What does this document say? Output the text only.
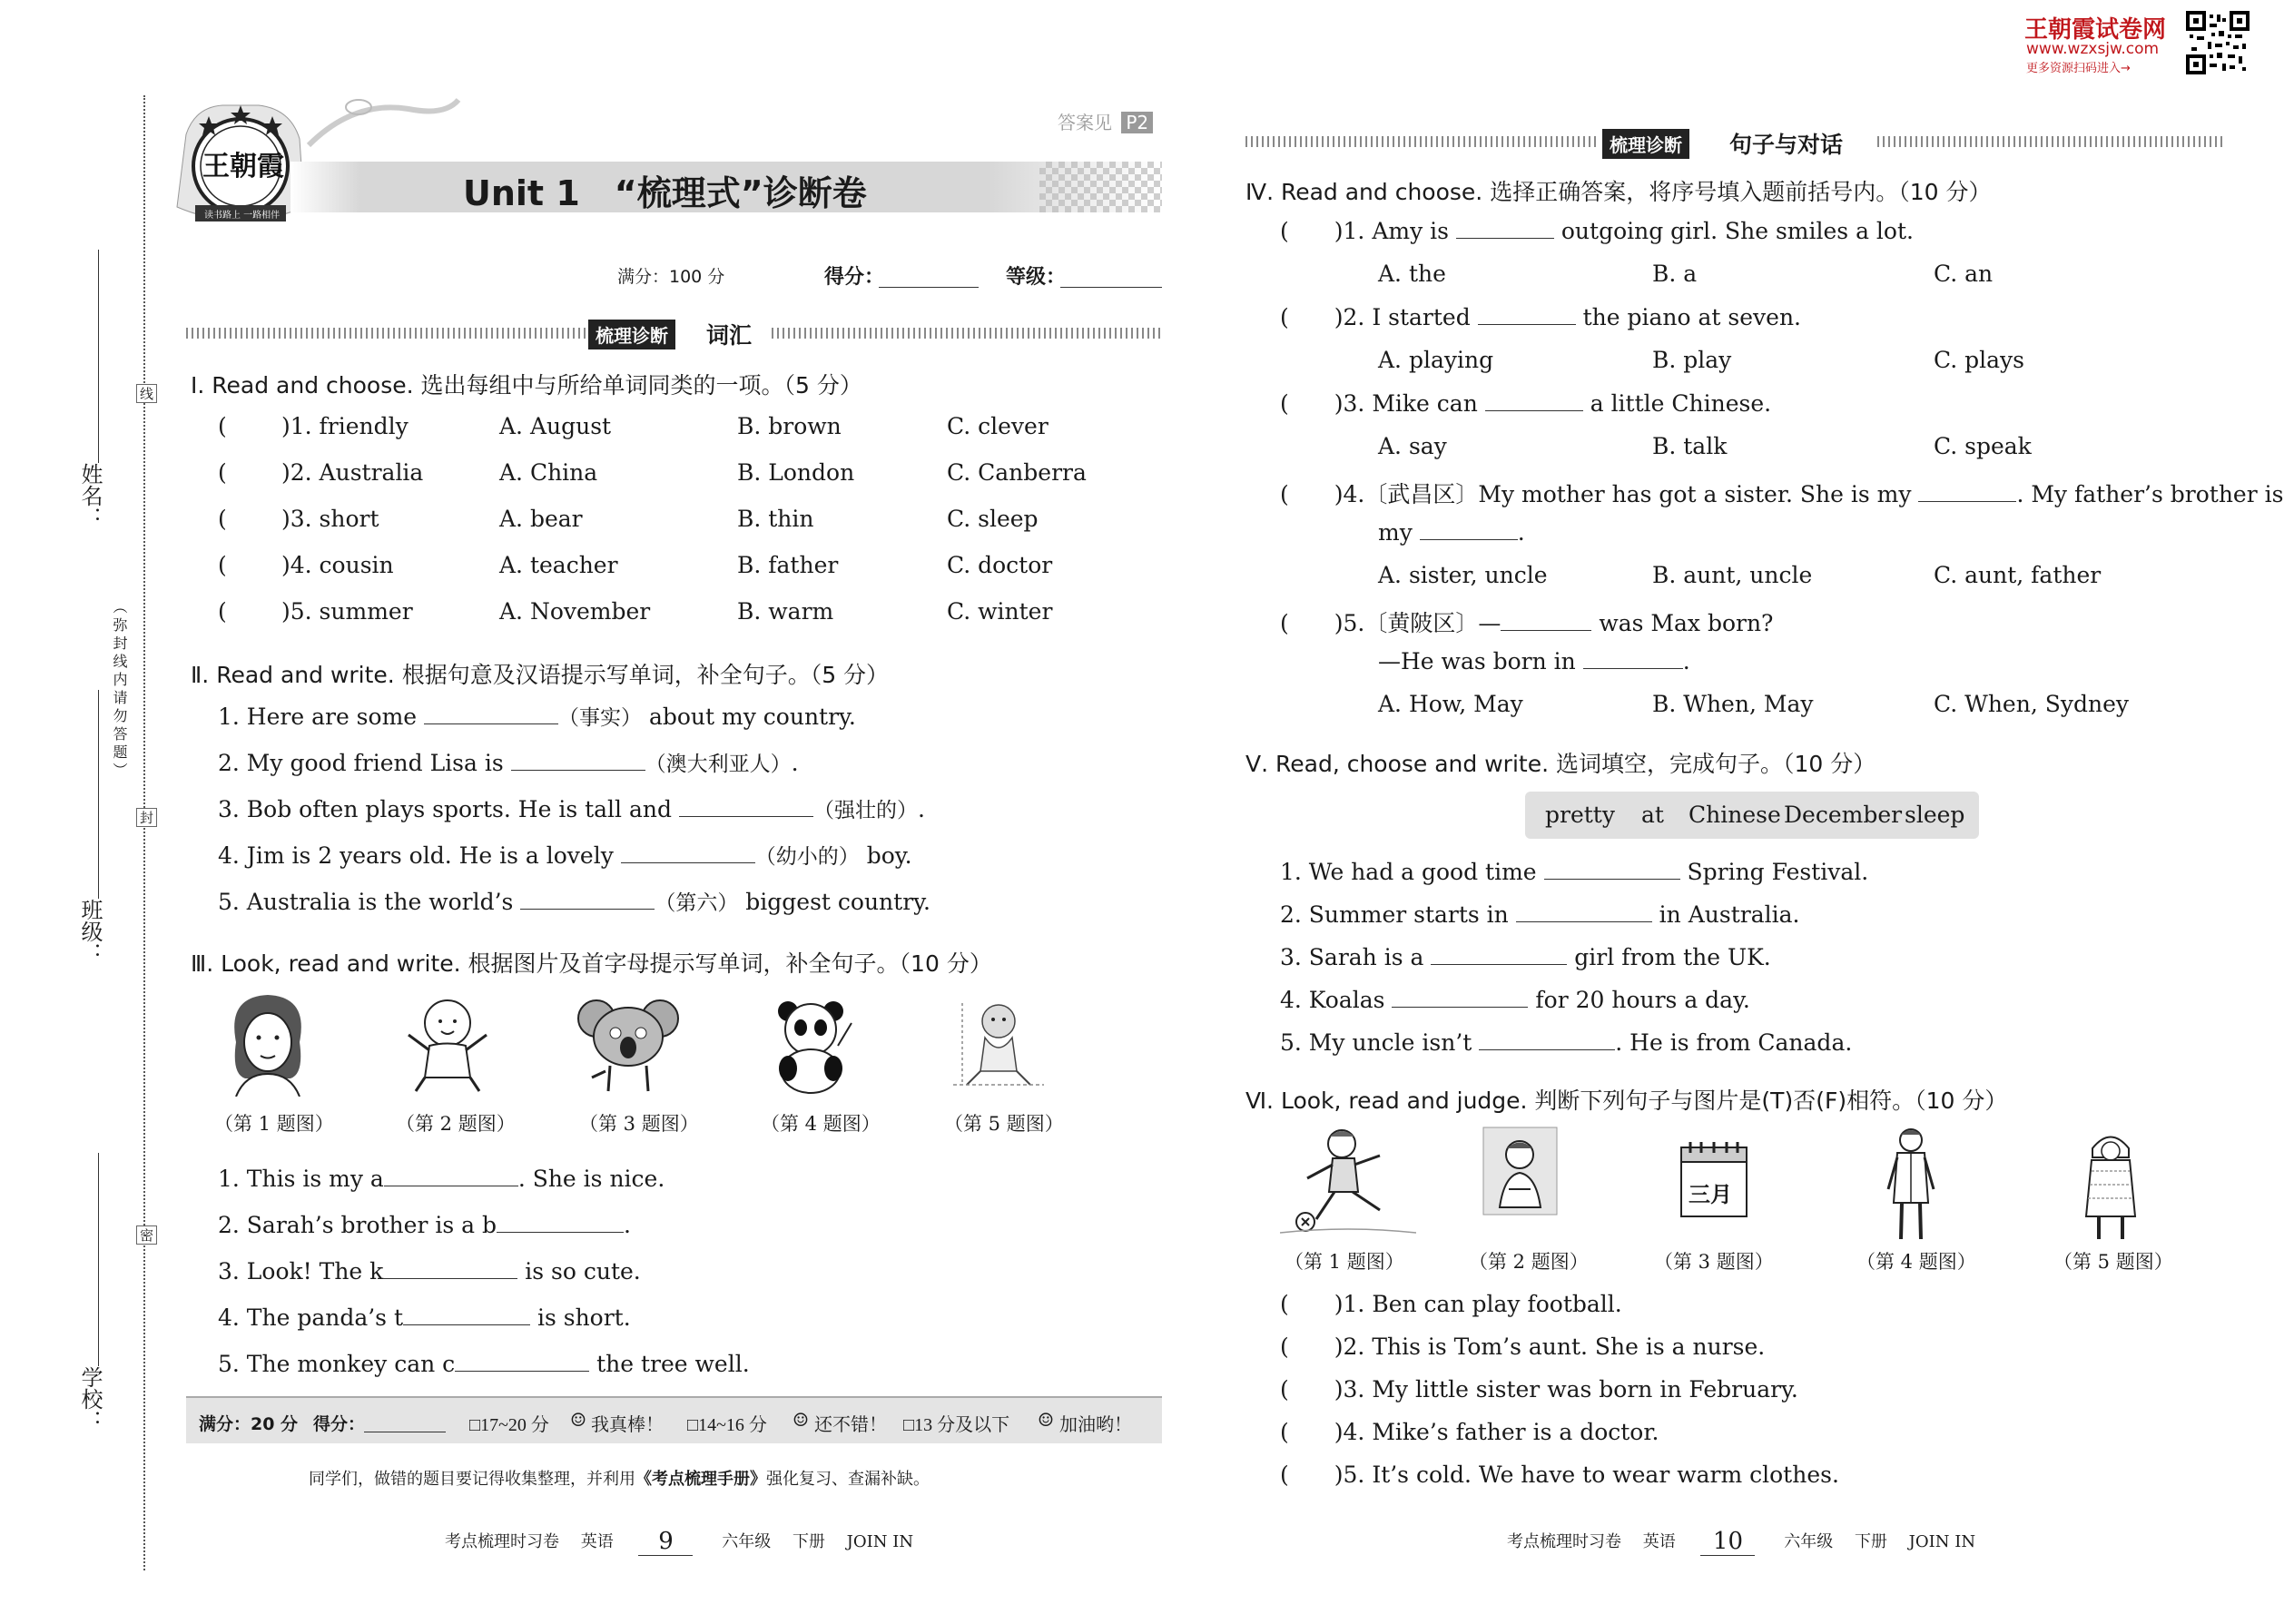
王朝霞试卷网
www.wzxsjw.com
更多资源扫码进入→
姓名：
班级：
学校：
（弥封线内请勿答题）
线
封
密
王朝霞
读书路上 一路相伴
答案见 P2
Unit 1　“梳理式”诊断卷
满分：100 分	得分：	等级：
梳理诊断	词汇
Ⅰ. Read and choose. 选出每组中与所给单词同类的一项。（5 分）
( )1. friendly	A. August	B. brown	C. clever
( )2. Australia	A. China	B. London	C. Canberra
( )3. short	A. bear	B. thin	C. sleep
( )4. cousin	A. teacher	B. father	C. doctor
( )5. summer	A. November	B. warm	C. winter
Ⅱ. Read and write. 根据句意及汉语提示写单词，补全句子。（5 分）
1. Here are some	（事实） about my country.
2. My good friend Lisa is	（澳大利亚人）.
3. Bob often plays sports. He is tall and	（强壮的）.
4. Jim is 2 years old. He is a lovely	（幼小的） boy.
5. Australia is the world’s	（第六） biggest country.
Ⅲ. Look, read and write. 根据图片及首字母提示写单词，补全句子。（10 分）
（第 1 题图）	（第 2 题图）	（第 3 题图）	（第 4 题图）	（第 5 题图）
1. This is my a	. She is nice.
2. Sarah’s brother is a b	.
3. Look! The k	is so cute.
4. The panda’s t	is short.
5. The monkey can c	the tree well.
满分：20 分 得分：	□17~20 分 ☺ 我真棒！ □14~16 分 ☺ 还不错！ □13 分及以下 ☺ 加油哟！
同学们，做错的题目要记得收集整理，并利用《考点梳理手册》强化复习、查漏补缺。
考点梳理时习卷 英语 9	六年级 下册 JOIN IN
梳理诊断	句子与对话
Ⅳ. Read and choose. 选择正确答案，将序号填入题前括号内。（10 分）
( )1. Amy is	outgoing girl. She smiles a lot.
A. the	B. a	C. an
( )2. I started	the piano at seven.
A. playing	B. play	C. plays
( )3. Mike can	a little Chinese.
A. say	B. talk	C. speak
( )4.〔武昌区〕My mother has got a sister. She is my	. My father’s brother is
my	.
A. sister, uncle	B. aunt, uncle	C. aunt, father
( )5.〔黄陂区〕—	was Max born?
—He was born in	.
A. How, May	B. When, May	C. When, Sydney
Ⅴ. Read, choose and write. 选词填空，完成句子。（10 分）
pretty at Chinese December sleep
1. We had a good time	Spring Festival.
2. Summer starts in	in Australia.
3. Sarah is a	girl from the UK.
4. Koalas	for 20 hours a day.
5. My uncle isn’t	. He is from Canada.
Ⅵ. Look, read and judge. 判断下列句子与图片是(T)否(F)相符。（10 分）
三月
（第 1 题图）	（第 2 题图）	（第 3 题图）	（第 4 题图）	（第 5 题图）
( )1. Ben can play football.
( )2. This is Tom’s aunt. She is a nurse.
( )3. My little sister was born in February.
( )4. Mike’s father is a doctor.
( )5. It’s cold. We have to wear warm clothes.
考点梳理时习卷 英语 10	六年级 下册 JOIN IN
